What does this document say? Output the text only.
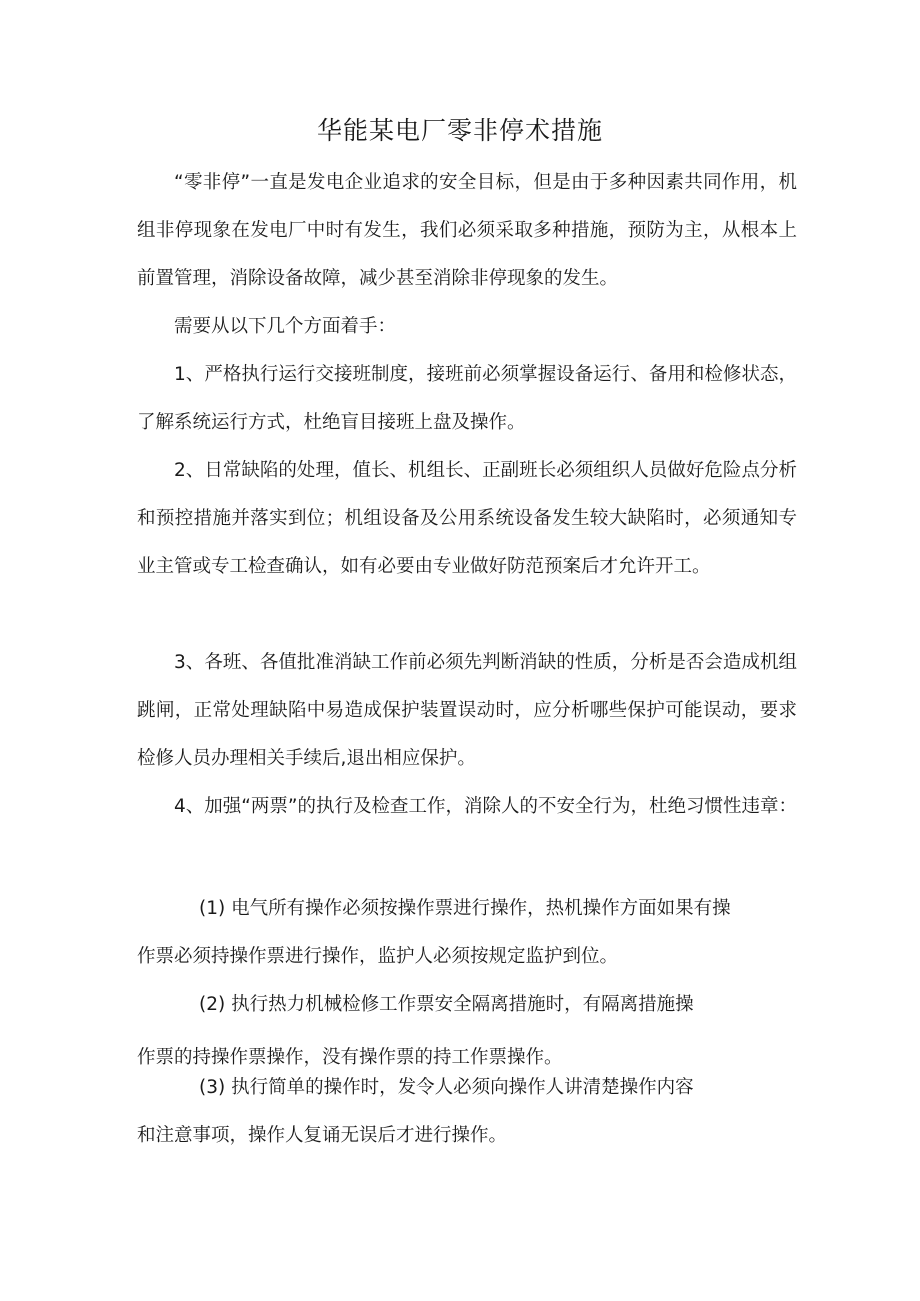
华能某电厂零非停术措施

“零非停”一直是发电企业追求的安全目标，但是由于多种因素共同作用，机组非停现象在发电厂中时有发生，我们必须采取多种措施，预防为主，从根本上前置管理，消除设备故障，减少甚至消除非停现象的发生。

需要从以下几个方面着手：

1、严格执行运行交接班制度，接班前必须掌握设备运行、备用和检修状态，了解系统运行方式，杜绝盲目接班上盘及操作。

2、日常缺陷的处理，值长、机组长、正副班长必须组织人员做好危险点分析和预控措施并落实到位；机组设备及公用系统设备发生较大缺陷时，必须通知专业主管或专工检查确认，如有必要由专业做好防范预案后才允许开工。

3、各班、各值批准消缺工作前必须先判断消缺的性质，分析是否会造成机组跳闸，正常处理缺陷中易造成保护装置误动时，应分析哪些保护可能误动，要求检修人员办理相关手续后,退出相应保护。

4、加强“两票”的执行及检查工作，消除人的不安全行为，杜绝习惯性违章：

(1) 电气所有操作必须按操作票进行操作，热机操作方面如果有操

作票必须持操作票进行操作，监护人必须按规定监护到位。

(2) 执行热力机械检修工作票安全隔离措施时，有隔离措施操

作票的持操作票操作，没有操作票的持工作票操作。

(3) 执行简单的操作时，发令人必须向操作人讲清楚操作内容

和注意事项，操作人复诵无误后才进行操作。
